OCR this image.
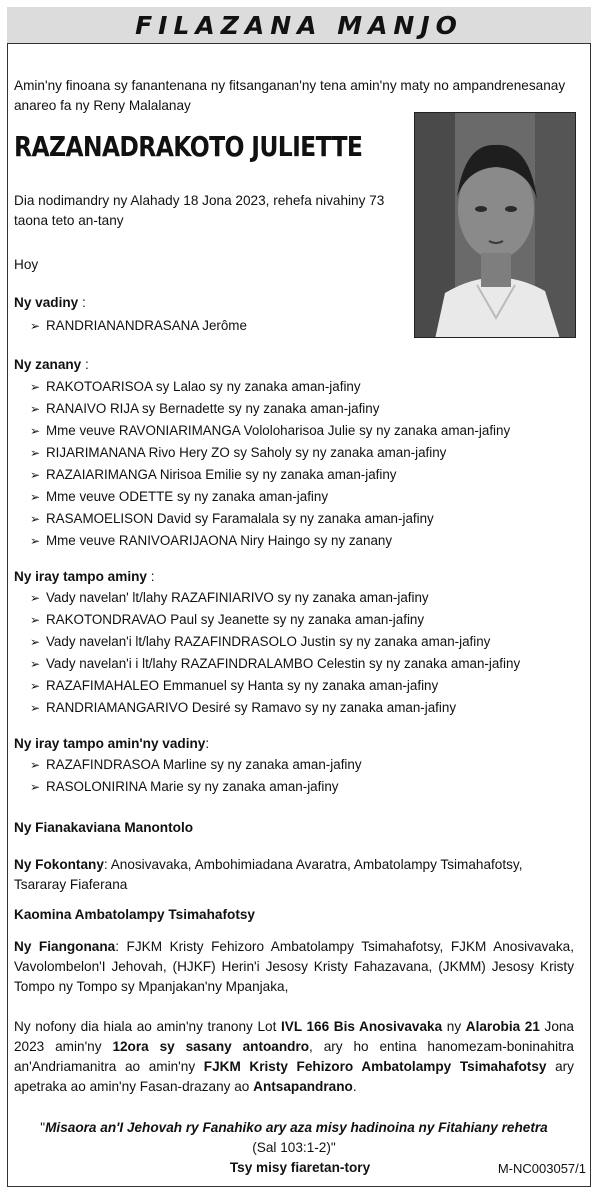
FILAZANA MANJO
Amin'ny finoana sy fanantenana ny fitsanganan'ny tena amin'ny maty no ampandrenesanay anareo fa ny Reny Malalanay
RAZANADRAKOTO JULIETTE
Dia nodimandry ny Alahady 18 Jona 2023, rehefa nivahiny 73 taona teto an-tany
Hoy
Ny vadiny :
➢ RANDRIANANDRASANA Jerôme
Ny zanany :
➢ RAKOTOARISOA sy Lalao sy ny zanaka aman-jafiny
➢ RANAIVO RIJA sy Bernadette sy ny zanaka aman-jafiny
➢ Mme veuve RAVONIARIMANGA Vololoharisoa Julie sy ny zanaka aman-jafiny
➢ RIJARIMANANA Rivo Hery ZO sy Saholy sy ny zanaka aman-jafiny
➢ RAZAIARIMANGA Nirisoa Emilie sy ny zanaka aman-jafiny
➢ Mme veuve ODETTE sy ny zanaka aman-jafiny
➢ RASAMOELISON David sy Faramalala sy ny zanaka aman-jafiny
➢ Mme veuve RANIVOARIJAONA Niry Haingo sy ny zanany
Ny iray tampo aminy :
➢ Vady navelan' lt/lahy RAZAFINIARIVO sy ny zanaka aman-jafiny
➢ RAKOTONDRAVAO Paul sy Jeanette sy ny zanaka aman-jafiny
➢ Vady navelan'i lt/lahy RAZAFINDRASOLO Justin sy ny zanaka aman-jafiny
➢ Vady navelan'i i lt/lahy RAZAFINDRALAMBO Celestin sy ny zanaka aman-jafiny
➢ RAZAFIMAHALEO Emmanuel sy Hanta sy ny zanaka aman-jafiny
➢ RANDRIAMANGARIVO Desiré sy Ramavo sy ny zanaka aman-jafiny
Ny iray tampo amin'ny vadiny:
➢ RAZAFINDRASOA Marline sy ny zanaka aman-jafiny
➢ RASOLONIRINA Marie sy ny zanaka aman-jafiny
Ny Fianakaviana Manontolo
Ny Fokontany: Anosivavaka, Ambohimiadana Avaratra, Ambatolampy Tsimahafotsy, Tsararay Fiaferana
Kaomina Ambatolampy Tsimahafotsy
Ny Fiangonana: FJKM Kristy Fehizoro Ambatolampy Tsimahafotsy, FJKM Anosivavaka, Vavolombelon'I Jehovah, (HJKF) Herin'i Jesosy Kristy Fahazavana, (JKMM) Jesosy Kristy Tompo ny Tompo sy Mpanjakan'ny Mpanjaka,
Ny nofony dia hiala ao amin'ny tranony Lot IVL 166 Bis Anosivavaka ny Alarobia 21 Jona 2023 amin'ny 12ora sy sasany antoandro, ary ho entina hanomezam-boninahitra an'Andriamanitra ao amin'ny FJKM Kristy Fehizoro Ambatolampy Tsimahafotsy ary apetraka ao amin'ny Fasan-drazany ao Antsapandrano.
"Misaora an'I Jehovah ry Fanahiko ary aza misy hadinoina ny Fitahiany rehetra
(Sal 103:1-2)"
Tsy misy fiaretan-tory	M-NC003057/1
